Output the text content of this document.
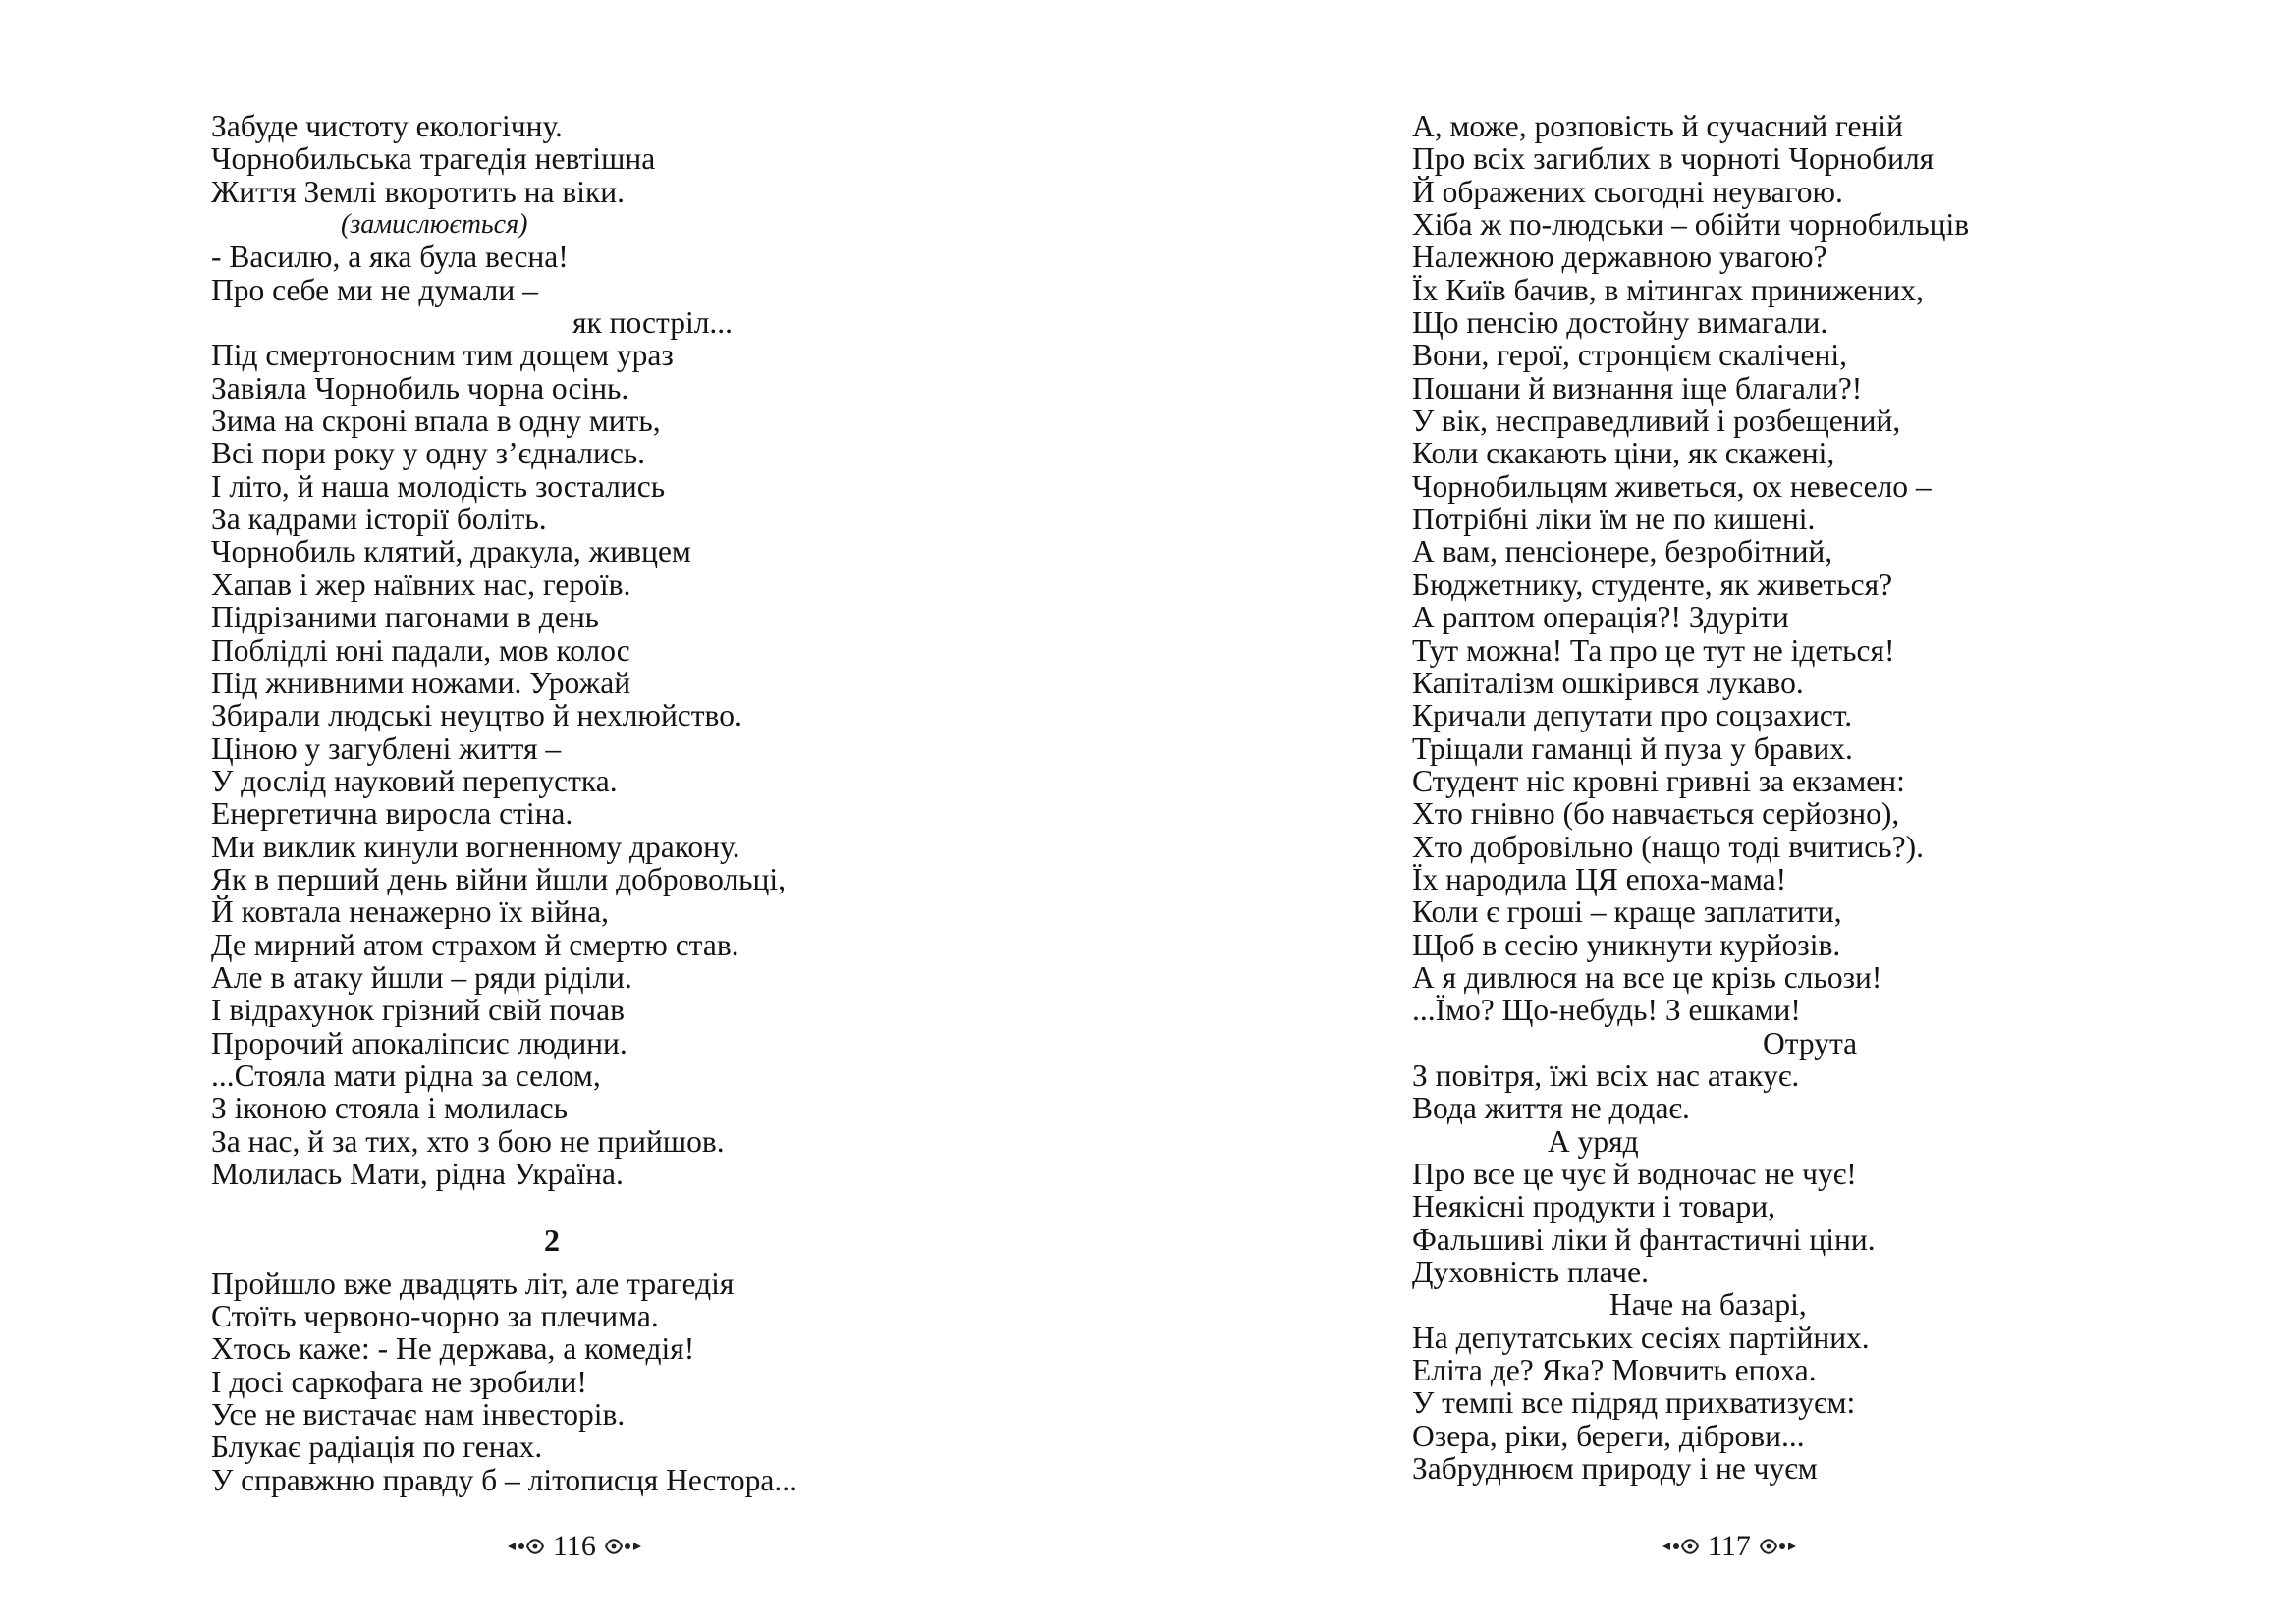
Забуде чистоту екологічну.
Чорнобильська трагедія невтішна
Життя Землі вкоротить на віки.
(замислюється)
- Василю, а яка була весна!
Про себе ми не думали –
як постріл...
Під смертоносним тим дощем ураз
Завіяла Чорнобиль чорна осінь.
Зима на скроні впала в одну мить,
Всі пори року у одну з’єднались.
І літо, й наша молодість зостались
За кадрами історії боліть.
Чорнобиль клятий, дракула, живцем
Хапав і жер наївних нас, героїв.
Підрізаними пагонами в день
Поблідлі юні падали, мов колос
Під жнивними ножами. Урожай
Збирали людські неуцтво й нехлюйство.
Ціною у загублені життя –
У дослід науковий перепустка.
Енергетична виросла стіна.
Ми виклик кинули вогненному дракону.
Як в перший день війни йшли добровольці,
Й ковтала ненажерно їх війна,
Де мирний атом страхом й смертю став.
Але в атаку йшли – ряди ріділи.
І відрахунок грізний свій почав
Пророчий апокаліпсис людини.
...Стояла мати рідна за селом,
З іконою стояла і молилась
За нас, й за тих, хто з бою не прийшов.
Молилась Мати, рідна Україна.
2
Пройшло вже двадцять літ, але трагедія
Стоїть червоно-чорно за плечима.
Хтось каже: - Не держава, а комедія!
І досі саркофага не зробили!
Усе не вистачає нам інвесторів.
Блукає радіація по генах.
У справжню правду б – літописця Нестора...
116
А, може, розповість й сучасний геній
Про всіх загиблих в чорноті Чорнобиля
Й ображених сьогодні неувагою.
Хіба ж по-людськи – обійти чорнобильців
Належною державною увагою?
Їх Київ бачив, в мітингах принижених,
Що пенсію достойну вимагали.
Вони, герої, стронцієм скалічені,
Пошани й визнання іще благали?!
У вік, несправедливий і розбещений,
Коли скакають ціни, як скажені,
Чорнобильцям живеться, ох невесело –
Потрібні ліки їм не по кишені.
А вам, пенсіонере, безробітний,
Бюджетнику, студенте, як живеться?
А раптом операція?! Здуріти
Тут можна! Та про це тут не ідеться!
Капіталізм ошкірився лукаво.
Кричали депутати про соцзахист.
Тріщали гаманці й пуза у бравих.
Студент ніс кровні гривні за екзамен:
Хто гнівно (бо навчається серйозно),
Хто добровільно (нащо тоді вчитись?).
Їх народила ЦЯ епоха-мама!
Коли є гроші – краще заплатити,
Щоб в сесію уникнути курйозів.
А я дивлюся на все це крізь сльози!
...Їмо? Що-небудь! З ешками!
Отрута
З повітря, їжі всіх нас атакує.
Вода життя не додає.
А уряд
Про все це чує й водночас не чує!
Неякісні продукти і товари,
Фальшиві ліки й фантастичні ціни.
Духовність плаче.
Наче на базарі,
На депутатських сесіях партійних.
Еліта де? Яка? Мовчить епоха.
У темпі все підряд прихватизуєм:
Озера, ріки, береги, діброви...
Забруднюєм природу і не чуєм
117
